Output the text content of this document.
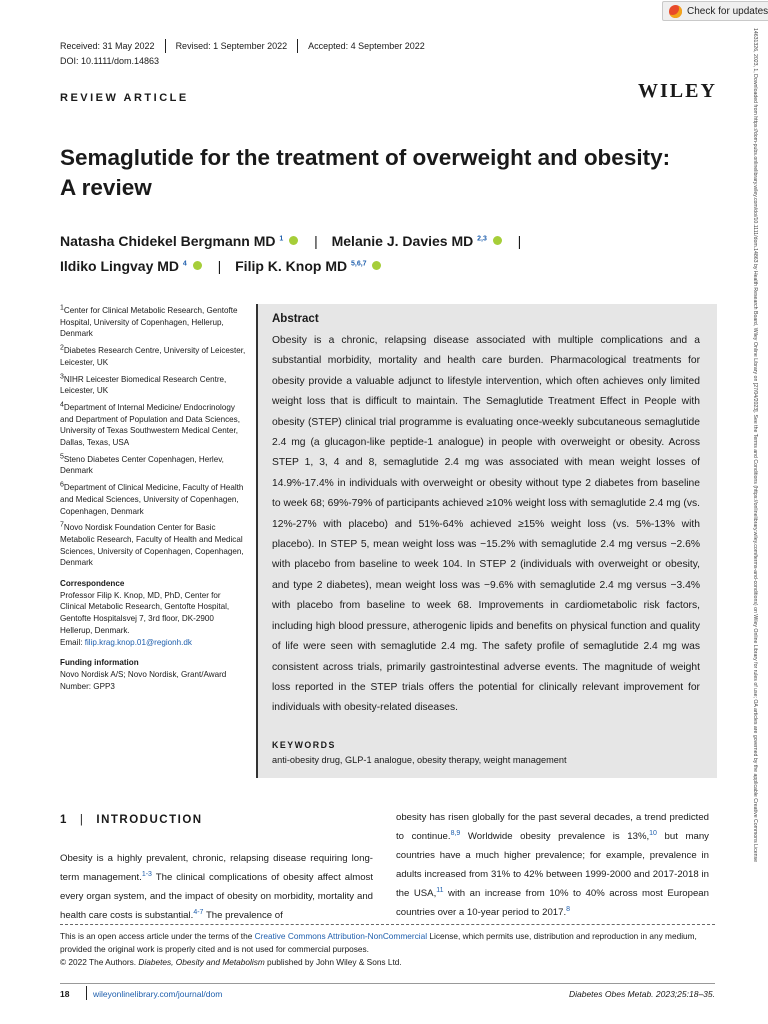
Check for updates
14631326, 2023, 1, Downloaded from https://dom-pubs.onlinelibrary.wiley.com/doi/10.1111/dom.14863 by Health Research Board, Wiley Online Library on [27/04/2023]. See the Terms and Conditions (https://onlinelibrary.wiley.com/terms-and-conditions) on Wiley Online Library for rules of use; OA articles are governed by the applicable Creative Commons License
Received: 31 May 2022 Revised: 1 September 2022 Accepted: 4 September 2022
DOI: 10.1111/dom.14863
REVIEW ARTICLE	WILEY
Semaglutide for the treatment of overweight and obesity:
A review
Natasha Chidekel Bergmann MD $^1$ | Melanie J. Davies MD $^{2,3}$ |
Ildiko Lingvay MD $^4$ | Filip K. Knop MD $^{5,6,7}$

$^1$Center for Clinical Metabolic Research, Gentofte Hospital, University of Copenhagen, Hellerup, Denmark

$^2$Diabetes Research Centre, University of Leicester, Leicester, UK

$^3$NIHR Leicester Biomedical Research Centre, Leicester, UK

$^4$Department of Internal Medicine/ Endocrinology and Department of Population and Data Sciences, University of Texas Southwestern Medical Center, Dallas, Texas, USA

$^5$Steno Diabetes Center Copenhagen, Herlev, Denmark

$^6$Department of Clinical Medicine, Faculty of Health and Medical Sciences, University of Copenhagen, Copenhagen, Denmark

$^7$Novo Nordisk Foundation Center for Basic Metabolic Research, Faculty of Health and Medical Sciences, University of Copenhagen, Copenhagen, Denmark

Correspondence

Professor Filip K. Knop, MD, PhD, Center for Clinical Metabolic Research, Gentofte Hospital, Gentofte Hospitalsvej 7, 3rd floor, DK-2900 Hellerup, Denmark.
Email: filip.krag.knop.01@regionh.dk

Funding information

Novo Nordisk A/S; Novo Nordisk, Grant/Award Number: GPP3

Abstract
Obesity is a chronic, relapsing disease associated with multiple complications and a substantial morbidity, mortality and health care burden. Pharmacological treatments for obesity provide a valuable adjunct to lifestyle intervention, which often achieves only limited weight loss that is difficult to maintain. The Semaglutide Treatment Effect in People with obesity (STEP) clinical trial programme is evaluating once-weekly subcutaneous semaglutide 2.4 mg (a glucagon-like peptide-1 analogue) in people with overweight or obesity. Across STEP 1, 3, 4 and 8, semaglutide 2.4 mg was associated with mean weight losses of 14.9%-17.4% in individuals with overweight or obesity without type 2 diabetes from baseline to week 68; 69%-79% of participants achieved ≥10% weight loss with semaglutide 2.4 mg (vs. 12%-27% with placebo) and 51%-64% achieved ≥15% weight loss (vs. 5%-13% with placebo). In STEP 5, mean weight loss was −15.2% with semaglutide 2.4 mg versus −2.6% with placebo from baseline to week 104. In STEP 2 (individuals with overweight or obesity, and type 2 diabetes), mean weight loss was −9.6% with semaglutide 2.4 mg versus −3.4% with placebo from baseline to week 68. Improvements in cardiometabolic risk factors, including high blood pressure, atherogenic lipids and benefits on physical function and quality of life were seen with semaglutide 2.4 mg. The safety profile of semaglutide 2.4 mg was consistent across trials, primarily gastrointestinal adverse events. The magnitude of weight loss reported in the STEP trials offers the potential for clinically relevant improvement for individuals with obesity-related diseases.
KEYWORDS
anti-obesity drug, GLP-1 analogue, obesity therapy, weight management
1 | INTRODUCTION
Obesity is a highly prevalent, chronic, relapsing disease requiring long-term management.$^{1-3}$ The clinical complications of obesity affect almost every organ system, and the impact of obesity on morbidity, mortality and health care costs is substantial.$^{4-7}$ The prevalence of
obesity has risen globally for the past several decades, a trend predicted to continue.$^{8,9}$ Worldwide obesity prevalence is 13%,$^{10}$ but many countries have a much higher prevalence; for example, prevalence in adults increased from 31% to 42% between 1999-2000 and 2017-2018 in the USA,$^{11}$ with an increase from 10% to 40% across most European countries over a 10-year period to 2017.$^8$
This is an open access article under the terms of the Creative Commons Attribution-NonCommercial License, which permits use, distribution and reproduction in any medium, provided the original work is properly cited and is not used for commercial purposes.
© 2022 The Authors. Diabetes, Obesity and Metabolism published by John Wiley & Sons Ltd.
18	wileyonlinelibrary.com/journal/dom	Diabetes Obes Metab. 2023;25:18–35.
